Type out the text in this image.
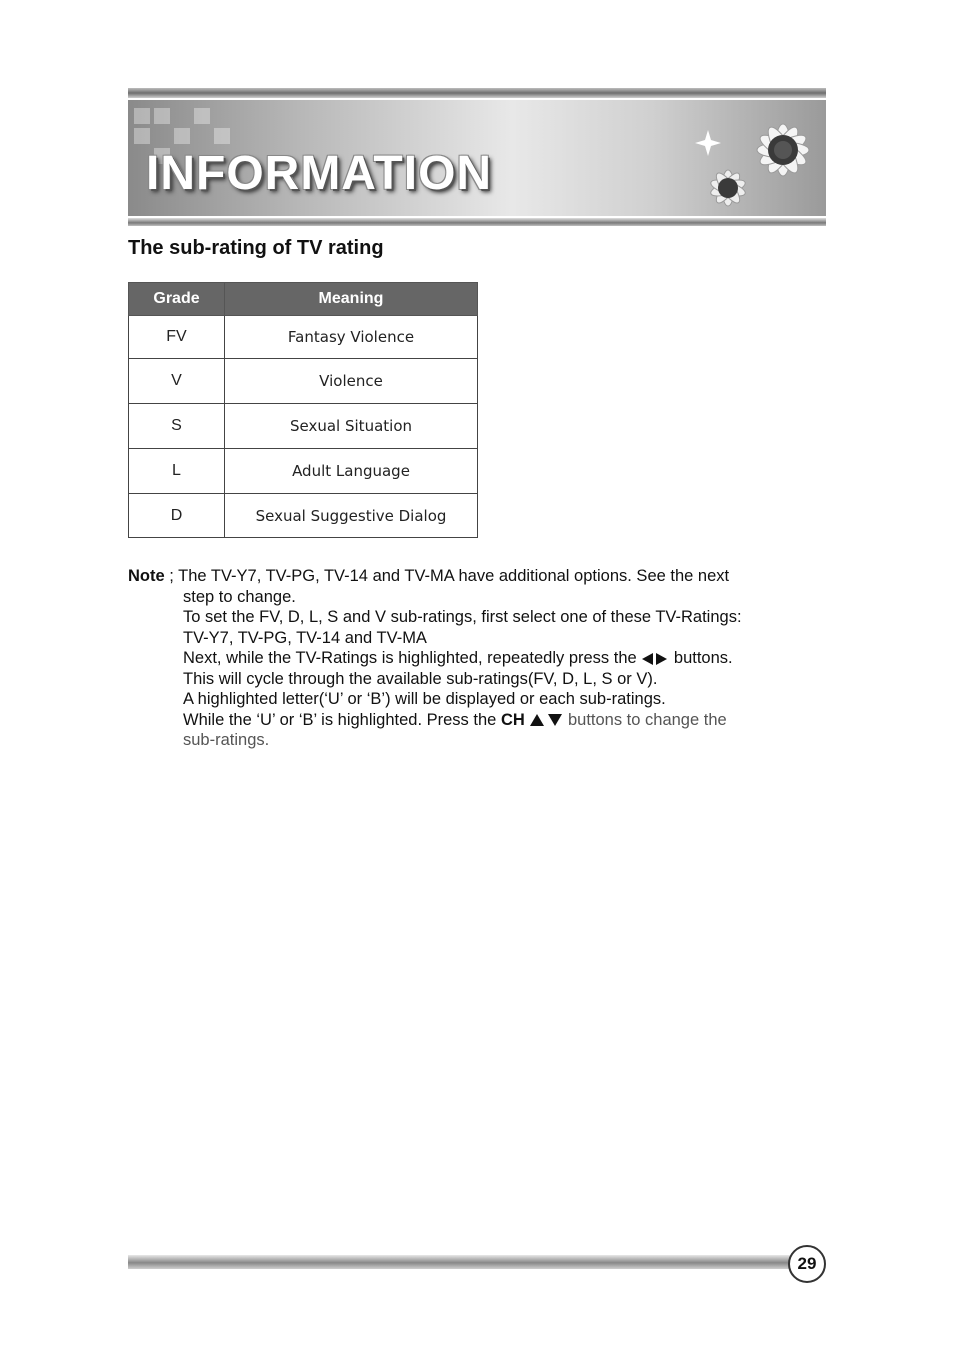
INFORMATION
The sub-rating of TV rating
Grade	Meaning
FV	Fantasy Violence
V	Violence
S	Sexual Situation
L	Adult Language
D	Sexual Suggestive Dialog
Note ; The TV-Y7, TV-PG, TV-14 and TV-MA have additional options. See the next
step to change.
To set the FV, D, L, S and V sub-ratings, first select one of these TV-Ratings:
TV-Y7, TV-PG, TV-14 and TV-MA
Next, while the TV-Ratings is highlighted, repeatedly press the buttons.
This will cycle through the available sub-ratings(FV, D, L, S or V).
A highlighted letter(‘U’ or ‘B’) will be displayed or each sub-ratings.
While the ‘U’ or ‘B’ is highlighted. Press the CH	buttons to change the
sub-ratings.
29
